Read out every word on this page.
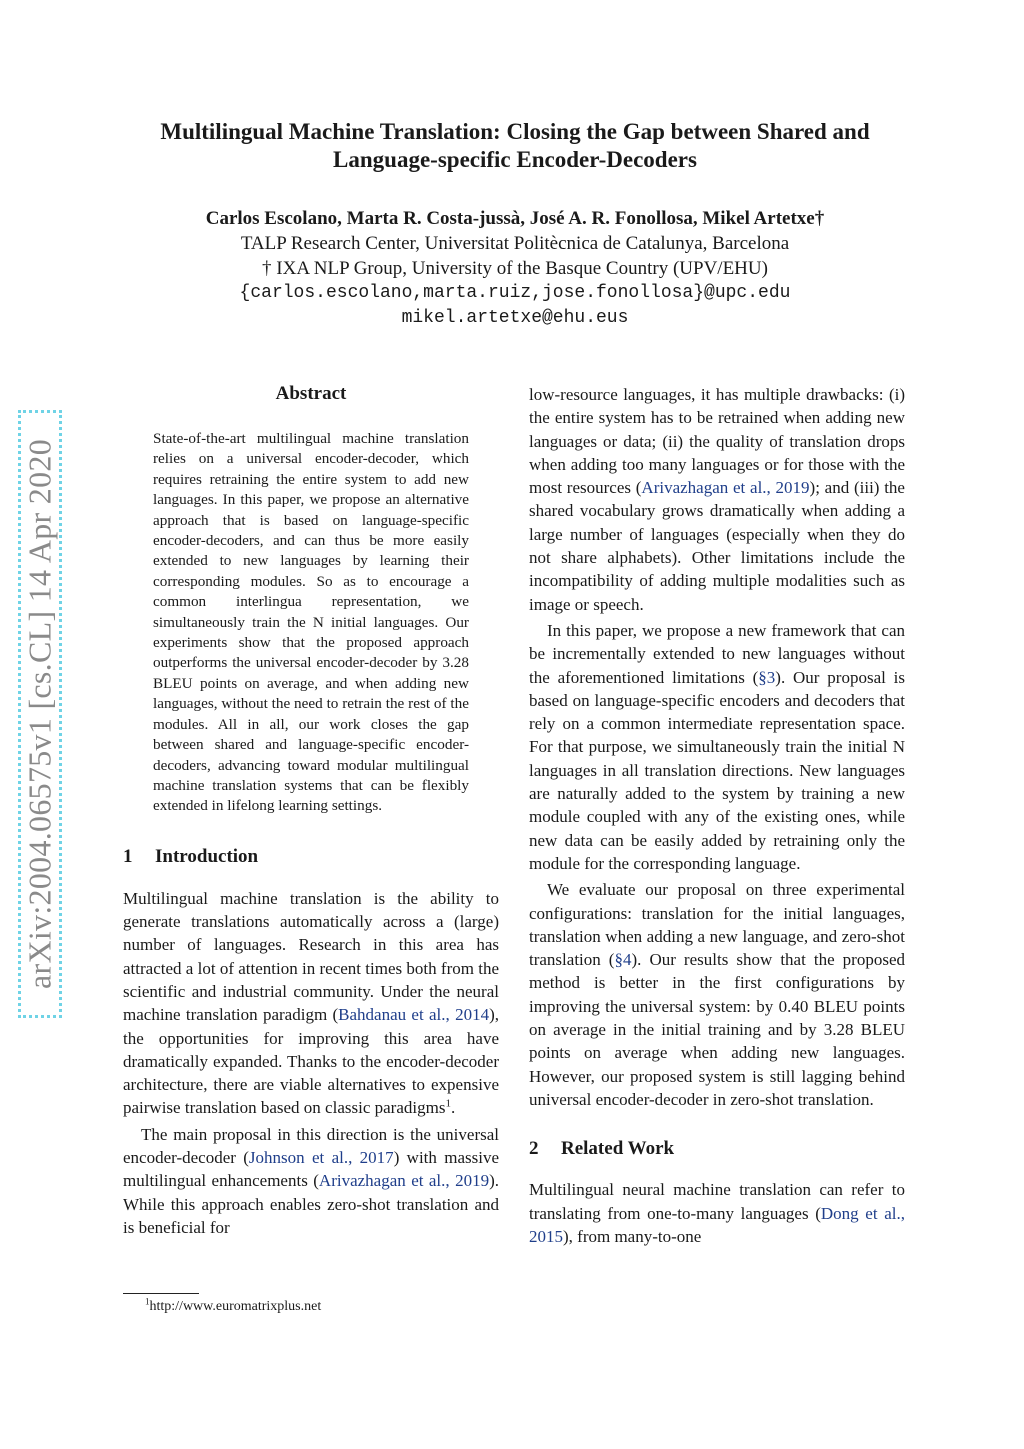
arXiv:2004.06575v1 [cs.CL] 14 Apr 2020
Multilingual Machine Translation: Closing the Gap between Shared and
Language-specific Encoder-Decoders
Carlos Escolano, Marta R. Costa-jussà, José A. R. Fonollosa, Mikel Artetxe†
TALP Research Center, Universitat Politècnica de Catalunya, Barcelona
† IXA NLP Group, University of the Basque Country (UPV/EHU)
{carlos.escolano,marta.ruiz,jose.fonollosa}@upc.edu
mikel.artetxe@ehu.eus
Abstract

State-of-the-art multilingual machine translation relies on a universal encoder-decoder, which requires retraining the entire system to add new languages. In this paper, we propose an alternative approach that is based on language-specific encoder-decoders, and can thus be more easily extended to new languages by learning their corresponding modules. So as to encourage a common interlingua representation, we simultaneously train the N initial languages. Our experiments show that the proposed approach outperforms the universal encoder-decoder by 3.28 BLEU points on average, and when adding new languages, without the need to retrain the rest of the modules. All in all, our work closes the gap between shared and language-specific encoder-decoders, advancing toward modular multilingual machine translation systems that can be flexibly extended in lifelong learning settings.

1 Introduction

Multilingual machine translation is the ability to generate translations automatically across a (large) number of languages. Research in this area has attracted a lot of attention in recent times both from the scientific and industrial community. Under the neural machine translation paradigm (Bahdanau et al., 2014), the opportunities for improving this area have dramatically expanded. Thanks to the encoder-decoder architecture, there are viable alternatives to expensive pairwise translation based on classic paradigms$^1$.

The main proposal in this direction is the universal encoder-decoder (Johnson et al., 2017) with massive multilingual enhancements (Arivazhagan et al., 2019). While this approach enables zero-shot translation and is beneficial for

low-resource languages, it has multiple drawbacks: (i) the entire system has to be retrained when adding new languages or data; (ii) the quality of translation drops when adding too many languages or for those with the most resources (Arivazhagan et al., 2019); and (iii) the shared vocabulary grows dramatically when adding a large number of languages (especially when they do not share alphabets). Other limitations include the incompatibility of adding multiple modalities such as image or speech.

In this paper, we propose a new framework that can be incrementally extended to new languages without the aforementioned limitations (§3). Our proposal is based on language-specific encoders and decoders that rely on a common intermediate representation space. For that purpose, we simultaneously train the initial N languages in all translation directions. New languages are naturally added to the system by training a new module coupled with any of the existing ones, while new data can be easily added by retraining only the module for the corresponding language.

We evaluate our proposal on three experimental configurations: translation for the initial languages, translation when adding a new language, and zero-shot translation (§4). Our results show that the proposed method is better in the first configurations by improving the universal system: by 0.40 BLEU points on average in the initial training and by 3.28 BLEU points on average when adding new languages. However, our proposed system is still lagging behind universal encoder-decoder in zero-shot translation.

2 Related Work

Multilingual neural machine translation can refer to translating from one-to-many languages (Dong et al., 2015), from many-to-one

$^1$http://www.euromatrixplus.net
